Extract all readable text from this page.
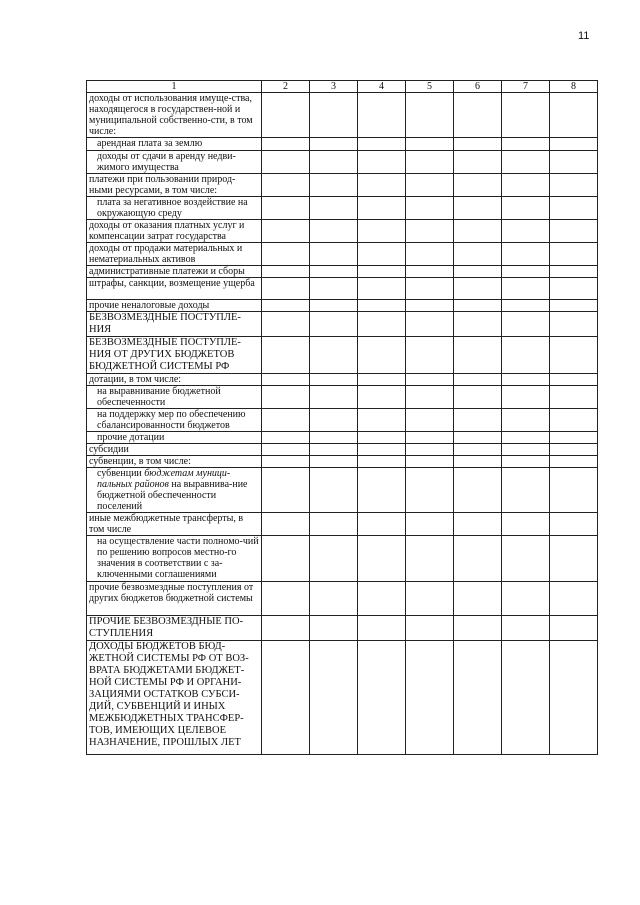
11
1	2	3	4	5	6	7	8
доходы от использования имуще-ства, находящегося в государствен-ной и муниципальной собственно-сти, в том числе:							
арендная плата за землю							
доходы от сдачи в аренду недви-жимого имущества							
платежи при пользовании природ-ными ресурсами, в том числе:							
плата за негативное воздействие на окружающую среду							
доходы от оказания платных услуг и компенсации затрат государства							
доходы от продажи материальных и нематериальных активов							
административные платежи и сборы							
штрафы, санкции, возмещение ущерба							
прочие неналоговые доходы							
БЕЗВОЗМЕЗДНЫЕ ПОСТУПЛЕ-НИЯ							
БЕЗВОЗМЕЗДНЫЕ ПОСТУПЛЕ-НИЯ ОТ ДРУГИХ БЮДЖЕТОВ БЮДЖЕТНОЙ СИСТЕМЫ РФ							
дотации, в том числе:							
на выравнивание бюджетной обеспеченности							
на поддержку мер по обеспечению сбалансированности бюджетов							
прочие дотации							
субсидии							
субвенции, в том числе:							
субвенции бюджетам муници-пальных районов на выравнива-ние бюджетной обеспеченности поселений							
иные межбюджетные трансферты, в том числе							
на осуществление части полномо-чий по решению вопросов местно-го значения в соответствии с за-ключенными соглашениями							
прочие безвозмездные поступления от других бюджетов бюджетной системы							
ПРОЧИЕ БЕЗВОЗМЕЗДНЫЕ ПО-СТУПЛЕНИЯ							
ДОХОДЫ БЮДЖЕТОВ БЮД-ЖЕТНОЙ СИСТЕМЫ РФ ОТ ВОЗ-ВРАТА БЮДЖЕТАМИ БЮДЖЕТ-НОЙ СИСТЕМЫ РФ И ОРГАНИ-ЗАЦИЯМИ ОСТАТКОВ СУБСИ-ДИЙ, СУБВЕНЦИЙ И ИНЫХ МЕЖБЮДЖЕТНЫХ ТРАНСФЕР-ТОВ, ИМЕЮЩИХ ЦЕЛЕВОЕ НАЗНАЧЕНИЕ, ПРОШЛЫХ ЛЕТ							
